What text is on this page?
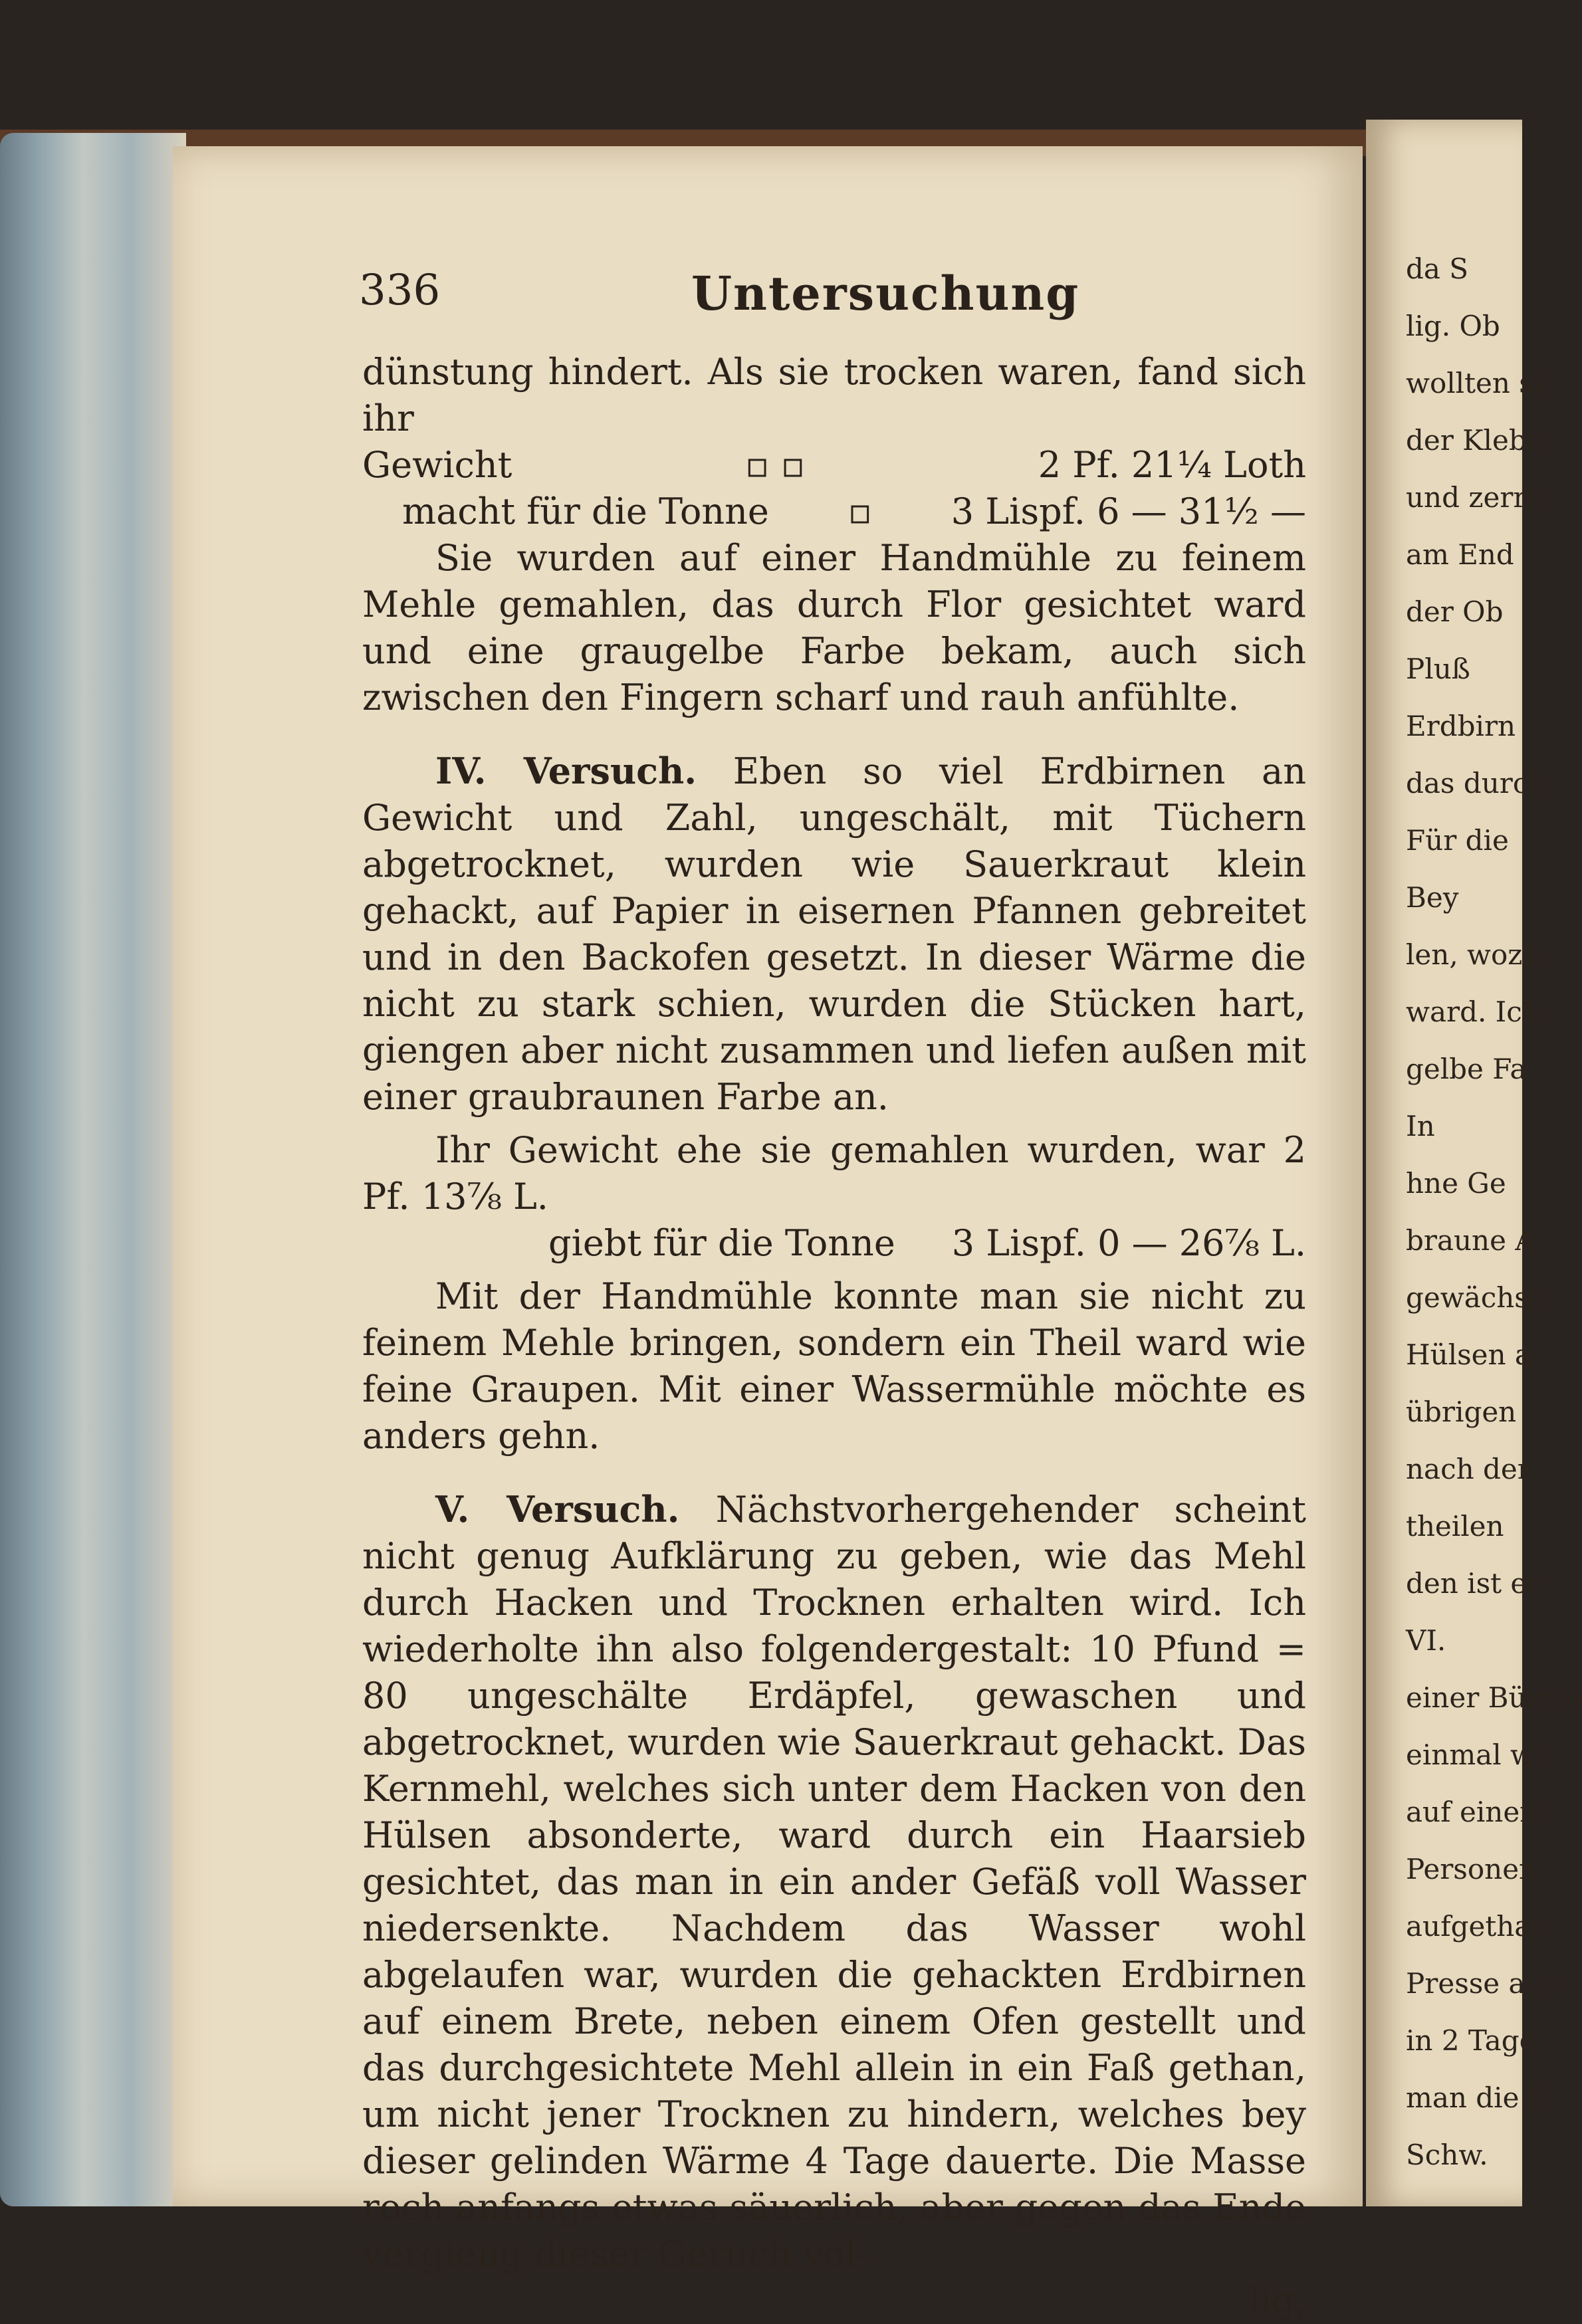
da S
lig. Ob
wollten si
der Klebe
und zerrei
am End
der Ob
Pluß
Erdbirn
das durch
Für die
Bey
len, wozu
ward. Ich
gelbe Fa
In
hne Ge
braune A
gewächse
Hülsen a
übrigen
nach den
theilen
den ist er
VI.
einer Bürste
einmal wo
auf einem
Personen
aufgethan
Presse aus
in 2 Tage
man die E
Schw.
336	Untersuchung

dünstung hindert. Als sie trocken waren, fand sich ihr

Gewicht	▫ ▫	2 Pf. 21¼ Loth
macht für die Tonne ▫ 3 Lispf. 6 — 31½ —

Sie wurden auf einer Handmühle zu feinem Mehle gemahlen, das durch Flor gesichtet ward und eine graugelbe Farbe bekam, auch sich zwischen den Fingern scharf und rauh anfühlte.

IV. Versuch. Eben so viel Erdbirnen an Gewicht und Zahl, ungeschält, mit Tüchern abgetrocknet, wurden wie Sauerkraut klein gehackt, auf Papier in eisernen Pfannen gebreitet und in den Backofen gesetzt. In dieser Wärme die nicht zu stark schien, wurden die Stücken hart, giengen aber nicht zusammen und liefen außen mit einer graubraunen Farbe an.

Ihr Gewicht ehe sie gemahlen wurden, war 2 Pf. 13⅞ L.

giebt für die Tonne 3 Lispf. 0 — 26⅞ L.

Mit der Handmühle konnte man sie nicht zu feinem Mehle bringen, sondern ein Theil ward wie feine Graupen. Mit einer Wassermühle möchte es anders gehn.

V. Versuch. Nächstvorhergehender scheint nicht genug Aufklärung zu geben, wie das Mehl durch Hacken und Trocknen erhalten wird. Ich wiederholte ihn also folgendergestalt: 10 Pfund = 80 ungeschälte Erdäpfel, gewaschen und abgetrocknet, wurden wie Sauerkraut gehackt. Das Kernmehl, welches sich unter dem Hacken von den Hülsen absonderte, ward durch ein Haarsieb gesichtet, das man in ein ander Gefäß voll Wasser niedersenkte. Nachdem das Wasser wohl abgelaufen war, wurden die gehackten Erdbirnen auf einem Brete, neben einem Ofen gestellt und das durchgesichtete Mehl allein in ein Faß gethan, um nicht jener Trocknen zu hindern, welches bey dieser gelinden Wärme 4 Tage dauerte. Die Masse roch anfangs etwas säuerlich, aber gegen das Ende vergieng dieser Geruch völ-

lig,
